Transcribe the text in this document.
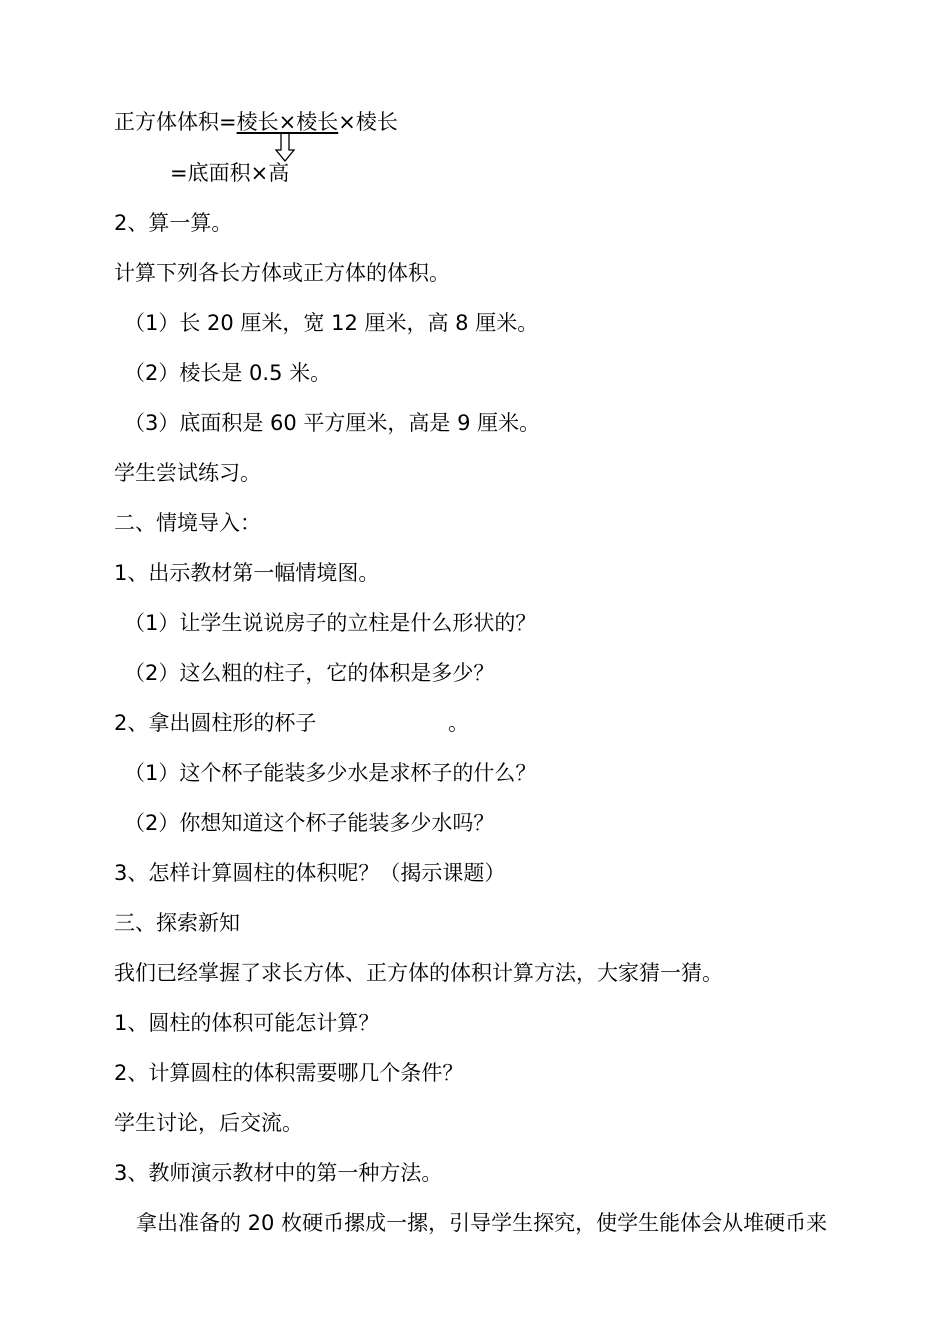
正方体体积=棱长×棱长×棱长
=底面积×高
2、算一算。
计算下列各长方体或正方体的体积。
（1）长 20 厘米，宽 12 厘米，高 8 厘米。
（2）棱长是 0.5 米。
（3）底面积是 60 平方厘米，高是 9 厘米。
学生尝试练习。
二、情境导入：
1、出示教材第一幅情境图。
（1）让学生说说房子的立柱是什么形状的？
（2）这么粗的柱子，它的体积是多少？
2、拿出圆柱形的杯子	。
（1）这个杯子能装多少水是求杯子的什么？
（2）你想知道这个杯子能装多少水吗？
3、怎样计算圆柱的体积呢？（揭示课题）
三、探索新知
我们已经掌握了求长方体、正方体的体积计算方法，大家猜一猜。
1、圆柱的体积可能怎计算？
2、计算圆柱的体积需要哪几个条件？
学生讨论，后交流。
3、教师演示教材中的第一种方法。
拿出准备的 20 枚硬币摞成一摞，引导学生探究，使学生能体会从堆硬币来
